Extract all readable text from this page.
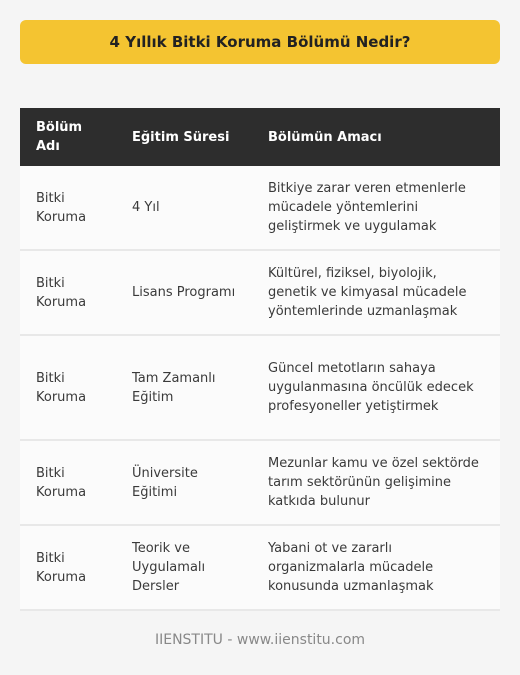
4 Yıllık Bitki Koruma Bölümü Nedir?
Bölüm Adı	Eğitim Süresi	Bölümün Amacı
Bitki Koruma	4 Yıl	Bitkiye zarar veren etmenlerle mücadele yöntemlerini geliştirmek ve uygulamak
Bitki Koruma	Lisans Programı	Kültürel, fiziksel, biyolojik, genetik ve kimyasal mücadele yöntemlerinde uzmanlaşmak
Bitki Koruma	Tam Zamanlı Eğitim	Güncel metotların sahaya uygulanmasına öncülük edecek profesyoneller yetiştirmek
Bitki Koruma	Üniversite Eğitimi	Mezunlar kamu ve özel sektörde tarım sektörünün gelişimine katkıda bulunur
Bitki Koruma	Teorik ve Uygulamalı Dersler	Yabani ot ve zararlı organizmalarla mücadele konusunda uzmanlaşmak
IIENSTITU - www.iienstitu.com
